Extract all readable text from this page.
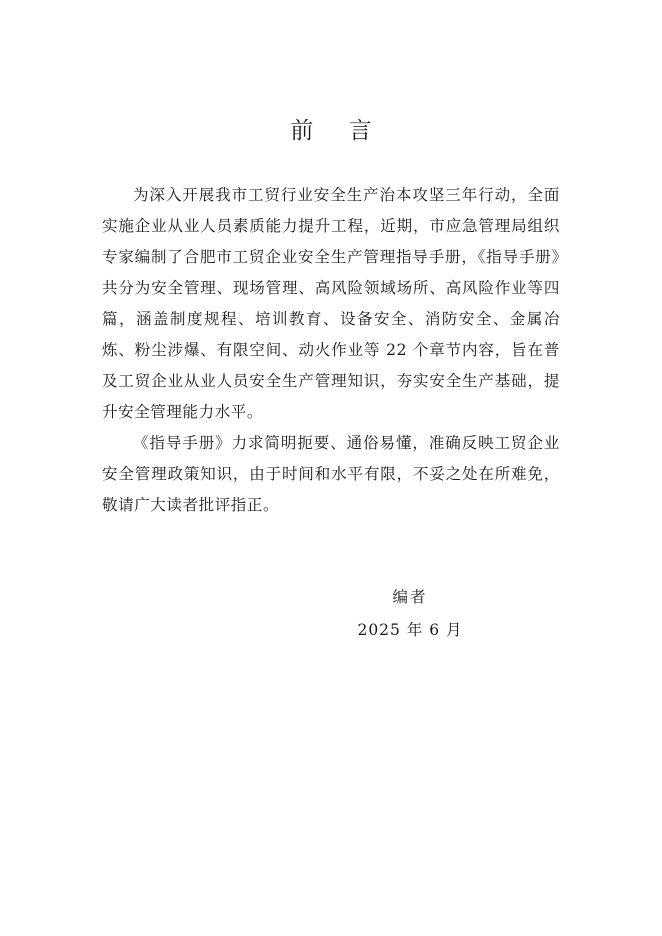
前 言

为深入开展我市工贸行业安全生产治本攻坚三年行动，全面实施企业从业人员素质能力提升工程，近期，市应急管理局组织专家编制了合肥市工贸企业安全生产管理指导手册，《指导手册》共分为安全管理、现场管理、高风险领域场所、高风险作业等四篇，涵盖制度规程、培训教育、设备安全、消防安全、金属冶炼、粉尘涉爆、有限空间、动火作业等 22 个章节内容，旨在普及工贸企业从业人员安全生产管理知识，夯实安全生产基础，提升安全管理能力水平。

《指导手册》力求简明扼要、通俗易懂，准确反映工贸企业安全管理政策知识，由于时间和水平有限，不妥之处在所难免，敬请广大读者批评指正。

编者
2025 年 6 月
